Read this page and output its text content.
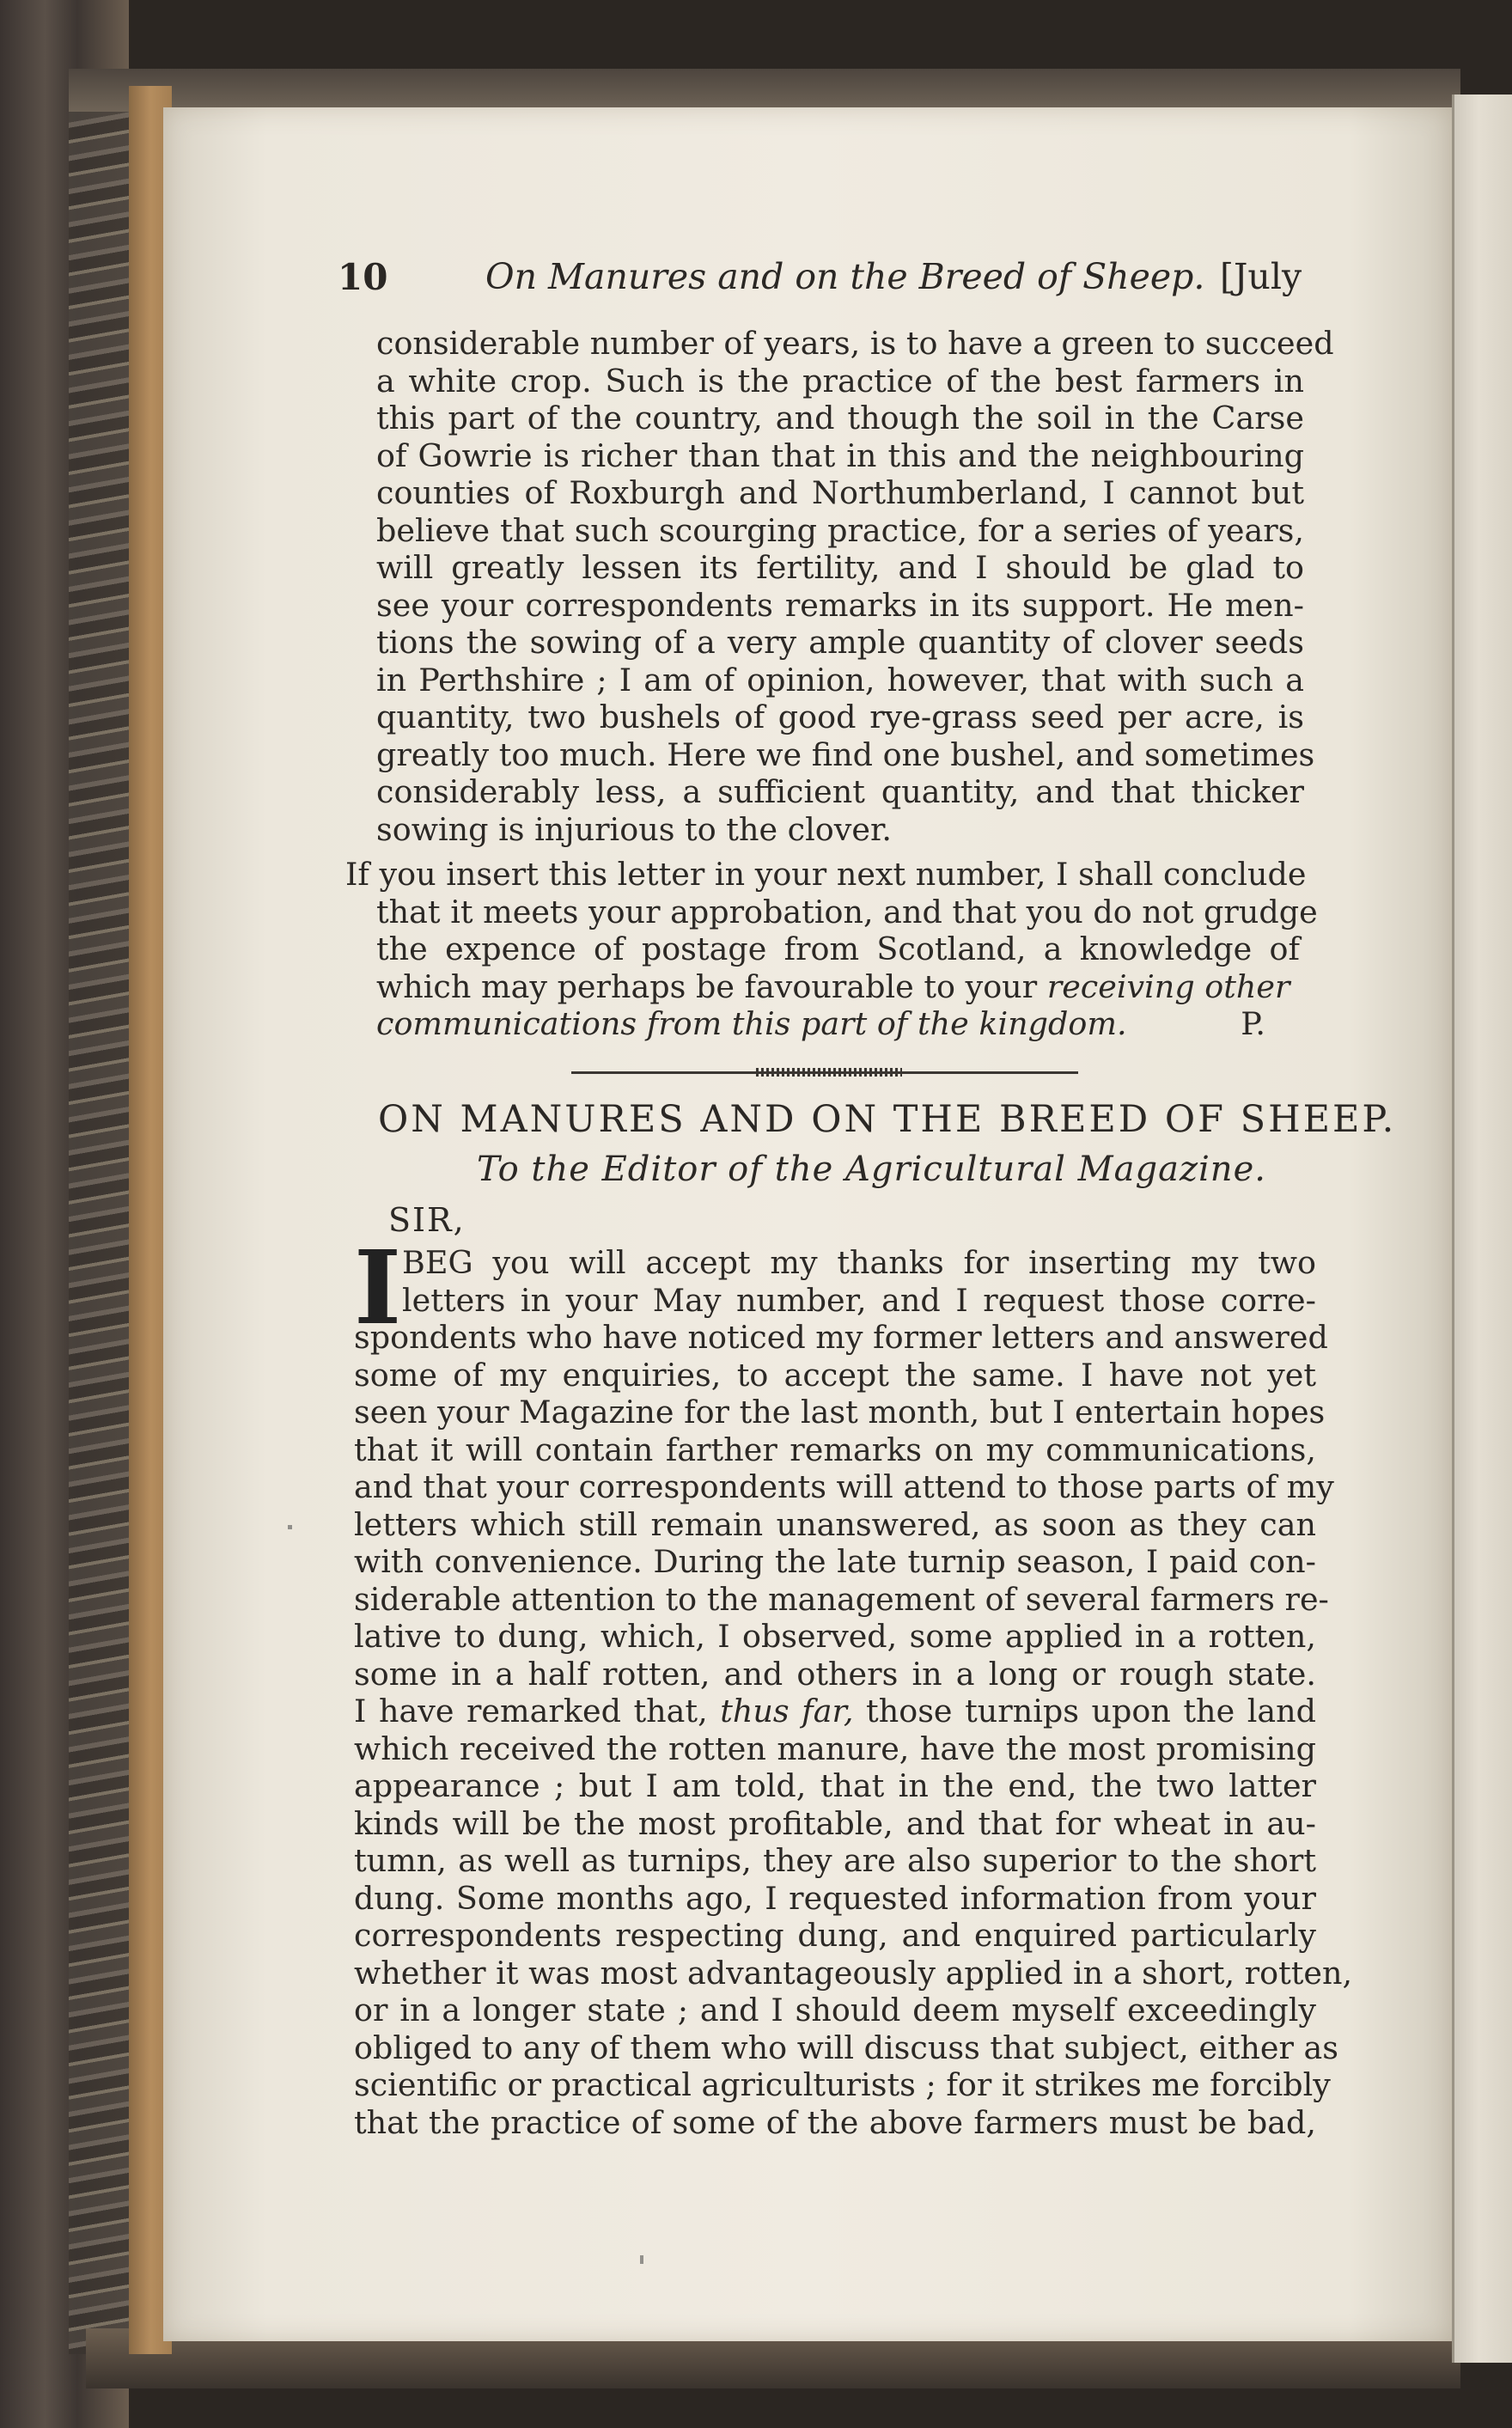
10	On Manures and on the Breed of Sheep. [July
considerable number of years, is to have a green to succeed
a white crop. Such is the practice of the best farmers in
this part of the country, and though the soil in the Carse
of Gowrie is richer than that in this and the neighbouring
counties of Roxburgh and Northumberland, I cannot but
believe that such scourging practice, for a series of years,
will greatly lessen its fertility, and I should be glad to
see your correspondents remarks in its support. He men-
tions the sowing of a very ample quantity of clover seeds
in Perthshire ; I am of opinion, however, that with such a
quantity, two bushels of good rye-grass seed per acre, is
greatly too much. Here we find one bushel, and sometimes
considerably less, a sufficient quantity, and that thicker
sowing is injurious to the clover.
If you insert this letter in your next number, I shall conclude
that it meets your approbation, and that you do not grudge
the expence of postage from Scotland, a knowledge of
which may perhaps be favourable to your receiving other
communications from this part of the kingdom.	P.
ON MANURES AND ON THE BREED OF SHEEP.
To the Editor of the Agricultural Magazine.
SIR,
I BEG you will accept my thanks for inserting my two
letters in your May number, and I request those corre-
spondents who have noticed my former letters and answered
some of my enquiries, to accept the same. I have not yet
seen your Magazine for the last month, but I entertain hopes
that it will contain farther remarks on my communications,
and that your correspondents will attend to those parts of my
letters which still remain unanswered, as soon as they can
with convenience. During the late turnip season, I paid con-
siderable attention to the management of several farmers re-
lative to dung, which, I observed, some applied in a rotten,
some in a half rotten, and others in a long or rough state.
I have remarked that, thus far, those turnips upon the land
which received the rotten manure, have the most promising
appearance ; but I am told, that in the end, the two latter
kinds will be the most profitable, and that for wheat in au-
tumn, as well as turnips, they are also superior to the short
dung. Some months ago, I requested information from your
correspondents respecting dung, and enquired particularly
whether it was most advantageously applied in a short, rotten,
or in a longer state ; and I should deem myself exceedingly
obliged to any of them who will discuss that subject, either as
scientific or practical agriculturists ; for it strikes me forcibly
that the practice of some of the above farmers must be bad,
